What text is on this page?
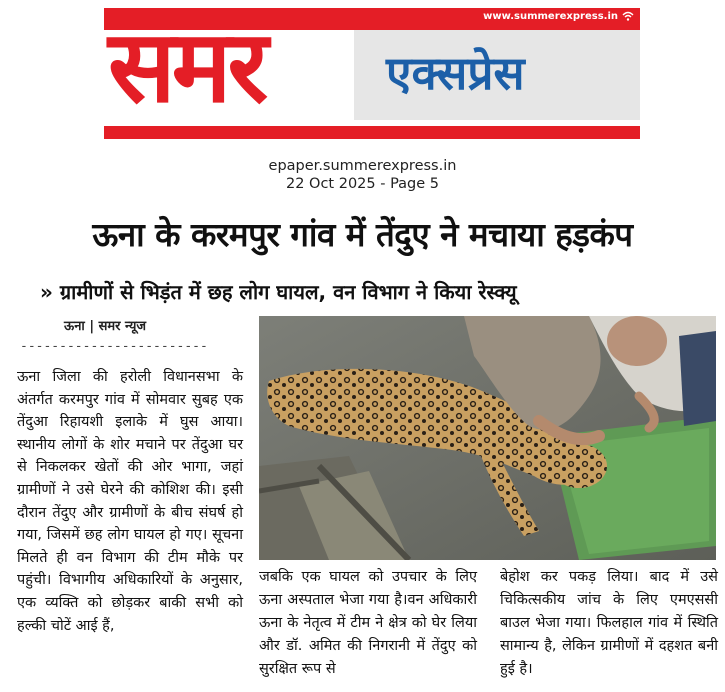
www.summerexpress.in
समर	एक्सप्रेस
epaper.summerexpress.in
22 Oct 2025 - Page 5
ऊना के करमपुर गांव में तेंदुए ने मचाया हड़कंप
» ग्रामीणों से भिड़ंत में छह लोग घायल, वन विभाग ने किया रेस्क्यू
ऊना | समर न्यूज
------------------------
ऊना जिला की हरोली विधानसभा के अंतर्गत करमपुर गांव में सोमवार सुबह एक तेंदुआ रिहायशी इलाके में घुस आया। स्थानीय लोगों के शोर मचाने पर तेंदुआ घर से निकलकर खेतों की ओर भागा, जहां ग्रामीणों ने उसे घेरने की कोशिश की। इसी दौरान तेंदुए और ग्रामीणों के बीच संघर्ष हो गया, जिसमें छह लोग घायल हो गए। सूचना मिलते ही वन विभाग की टीम मौके पर पहुंची। विभागीय अधिकारियों के अनुसार, एक व्यक्ति को छोड़कर बाकी सभी को हल्की चोटें आई हैं,
जबकि एक घायल को उपचार के लिए ऊना अस्पताल भेजा गया है।वन अधिकारी ऊना के नेतृत्व में टीम ने क्षेत्र को घेर लिया और डॉ. अमित की निगरानी में तेंदुए को सुरक्षित रूप से
बेहोश कर पकड़ लिया। बाद में उसे चिकित्सकीय जांच के लिए एमएससी बाउल भेजा गया। फिलहाल गांव में स्थिति सामान्य है, लेकिन ग्रामीणों में दहशत बनी हुई है।
